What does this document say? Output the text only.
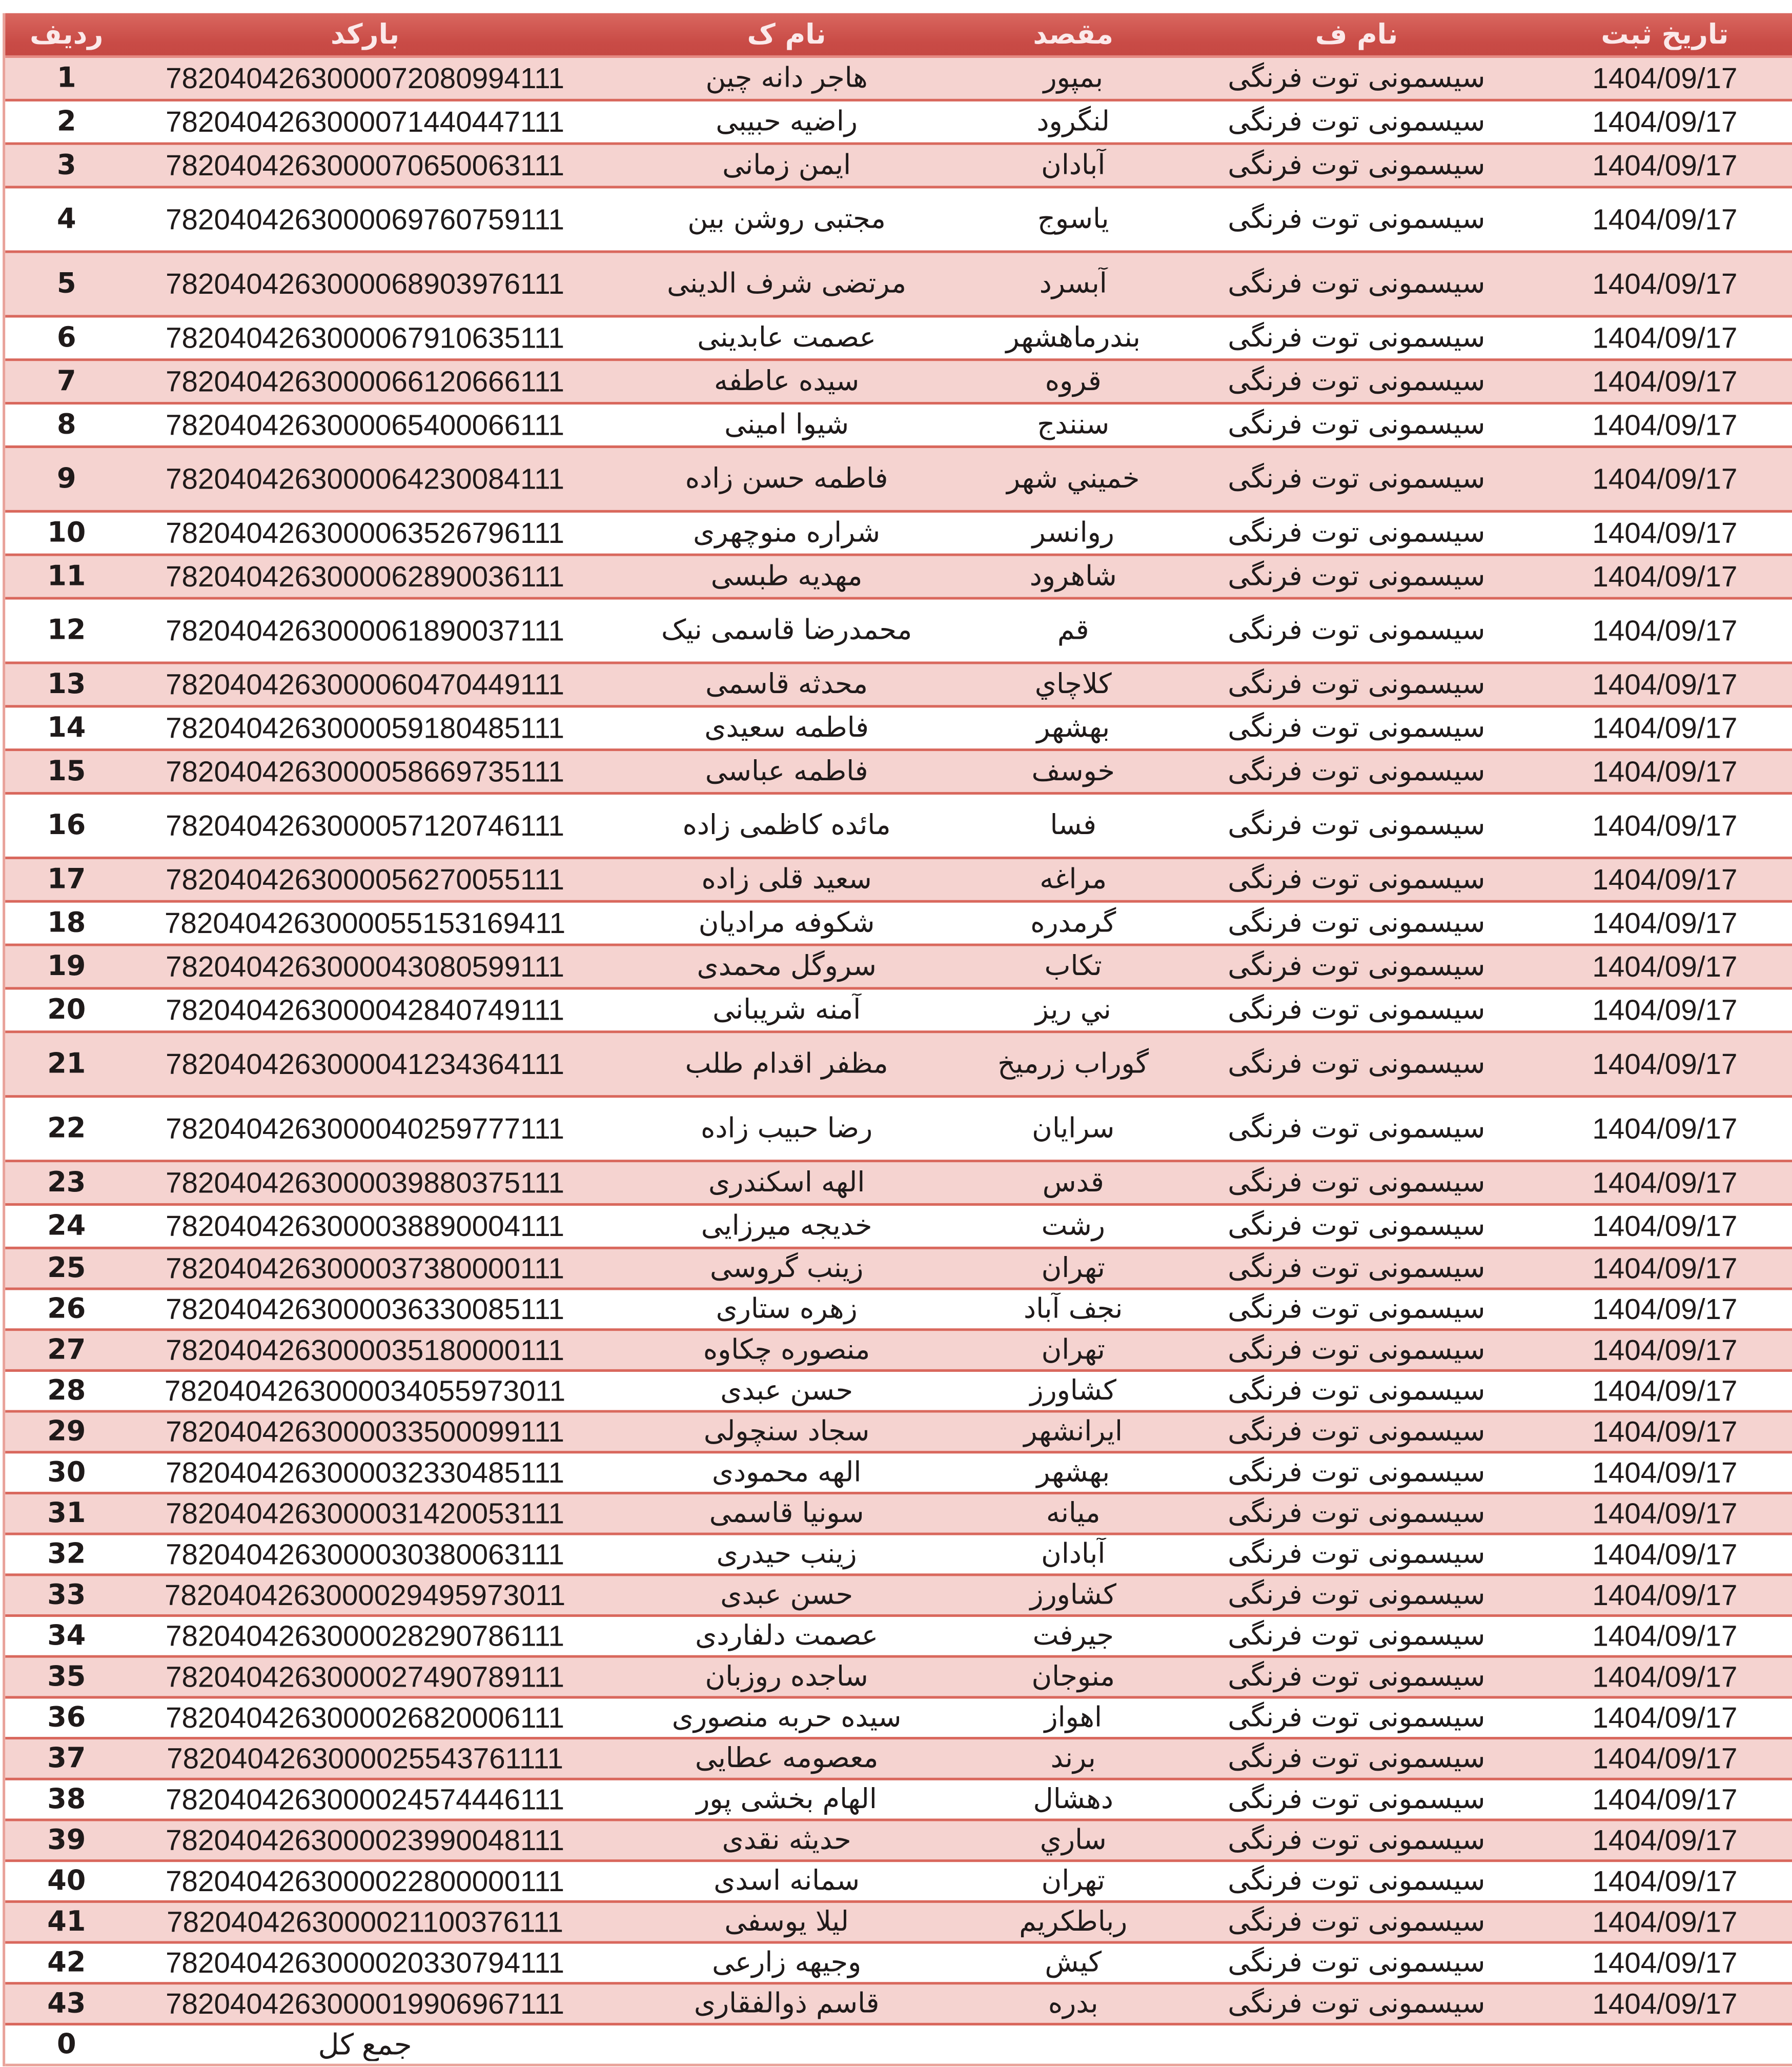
تاریخ ثبت
نام ف
مقصد
نام ک
بارکد
ردیف
1404/09/17
سیسمونی توت فرنگی
بمپور
هاجر دانه چین
7820404263000072080994111
1
1404/09/17
سیسمونی توت فرنگی
لنگرود
راضیه حبیبی
7820404263000071440447111
2
1404/09/17
سیسمونی توت فرنگی
آبادان
ایمن زمانی
7820404263000070650063111
3
1404/09/17
سیسمونی توت فرنگی
یاسوج
مجتبی روشن بین
7820404263000069760759111
4
1404/09/17
سیسمونی توت فرنگی
آبسرد
مرتضی شرف الدینی
7820404263000068903976111
5
1404/09/17
سیسمونی توت فرنگی
بندرماهشهر
عصمت عابدینی
7820404263000067910635111
6
1404/09/17
سیسمونی توت فرنگی
قروه
سیده عاطفه
7820404263000066120666111
7
1404/09/17
سیسمونی توت فرنگی
سنندج
شیوا امینی
7820404263000065400066111
8
1404/09/17
سیسمونی توت فرنگی
خميني شهر
فاطمه حسن زاده
7820404263000064230084111
9
1404/09/17
سیسمونی توت فرنگی
روانسر
شراره منوچهری
7820404263000063526796111
10
1404/09/17
سیسمونی توت فرنگی
شاهرود
مهدیه طبسی
7820404263000062890036111
11
1404/09/17
سیسمونی توت فرنگی
قم
محمدرضا قاسمی نیک
7820404263000061890037111
12
1404/09/17
سیسمونی توت فرنگی
كلاچاي
محدثه قاسمی
7820404263000060470449111
13
1404/09/17
سیسمونی توت فرنگی
بهشهر
فاطمه سعیدی
7820404263000059180485111
14
1404/09/17
سیسمونی توت فرنگی
خوسف
فاطمه عباسی
7820404263000058669735111
15
1404/09/17
سیسمونی توت فرنگی
فسا
مائده کاظمی زاده
7820404263000057120746111
16
1404/09/17
سیسمونی توت فرنگی
مراغه
سعید قلی زاده
7820404263000056270055111
17
1404/09/17
سیسمونی توت فرنگی
گرمدره
شکوفه مرادیان
7820404263000055153169411
18
1404/09/17
سیسمونی توت فرنگی
تکاب
سروگل محمدی
7820404263000043080599111
19
1404/09/17
سیسمونی توت فرنگی
ني ريز
آمنه شریبانی
7820404263000042840749111
20
1404/09/17
سیسمونی توت فرنگی
گوراب زرمیخ
مظفر اقدام طلب
7820404263000041234364111
21
1404/09/17
سیسمونی توت فرنگی
سرایان
رضا حبیب زاده
7820404263000040259777111
22
1404/09/17
سیسمونی توت فرنگی
قدس
الهه اسکندری
7820404263000039880375111
23
1404/09/17
سیسمونی توت فرنگی
رشت
خدیجه میرزایی
7820404263000038890004111
24
1404/09/17
سیسمونی توت فرنگی
تهران
زینب گروسی
7820404263000037380000111
25
1404/09/17
سیسمونی توت فرنگی
نجف آباد
زهره ستاری
7820404263000036330085111
26
1404/09/17
سیسمونی توت فرنگی
تهران
منصوره چکاوه
7820404263000035180000111
27
1404/09/17
سیسمونی توت فرنگی
کشاورز
حسن عبدی
7820404263000034055973011
28
1404/09/17
سیسمونی توت فرنگی
ایرانشهر
سجاد سنچولی
7820404263000033500099111
29
1404/09/17
سیسمونی توت فرنگی
بهشهر
الهه محمودی
7820404263000032330485111
30
1404/09/17
سیسمونی توت فرنگی
میانه
سونیا قاسمی
7820404263000031420053111
31
1404/09/17
سیسمونی توت فرنگی
آبادان
زینب حیدری
7820404263000030380063111
32
1404/09/17
سیسمونی توت فرنگی
کشاورز
حسن عبدی
7820404263000029495973011
33
1404/09/17
سیسمونی توت فرنگی
جیرفت
عصمت دلفاردی
7820404263000028290786111
34
1404/09/17
سیسمونی توت فرنگی
منوجان
ساجده روزبان
7820404263000027490789111
35
1404/09/17
سیسمونی توت فرنگی
اهواز
سیده حربه منصوری
7820404263000026820006111
36
1404/09/17
سیسمونی توت فرنگی
برند
معصومه عطایی
7820404263000025543761111
37
1404/09/17
سیسمونی توت فرنگی
دهشال
الهام بخشی پور
7820404263000024574446111
38
1404/09/17
سیسمونی توت فرنگی
ساري
حدیثه نقدی
7820404263000023990048111
39
1404/09/17
سیسمونی توت فرنگی
تهران
سمانه اسدی
7820404263000022800000111
40
1404/09/17
سیسمونی توت فرنگی
رباطکریم
لیلا یوسفی
7820404263000021100376111
41
1404/09/17
سیسمونی توت فرنگی
کیش
وجیهه زارعی
7820404263000020330794111
42
1404/09/17
سیسمونی توت فرنگی
بدره
قاسم ذوالفقاری
7820404263000019906967111
43
جمع کل
0
